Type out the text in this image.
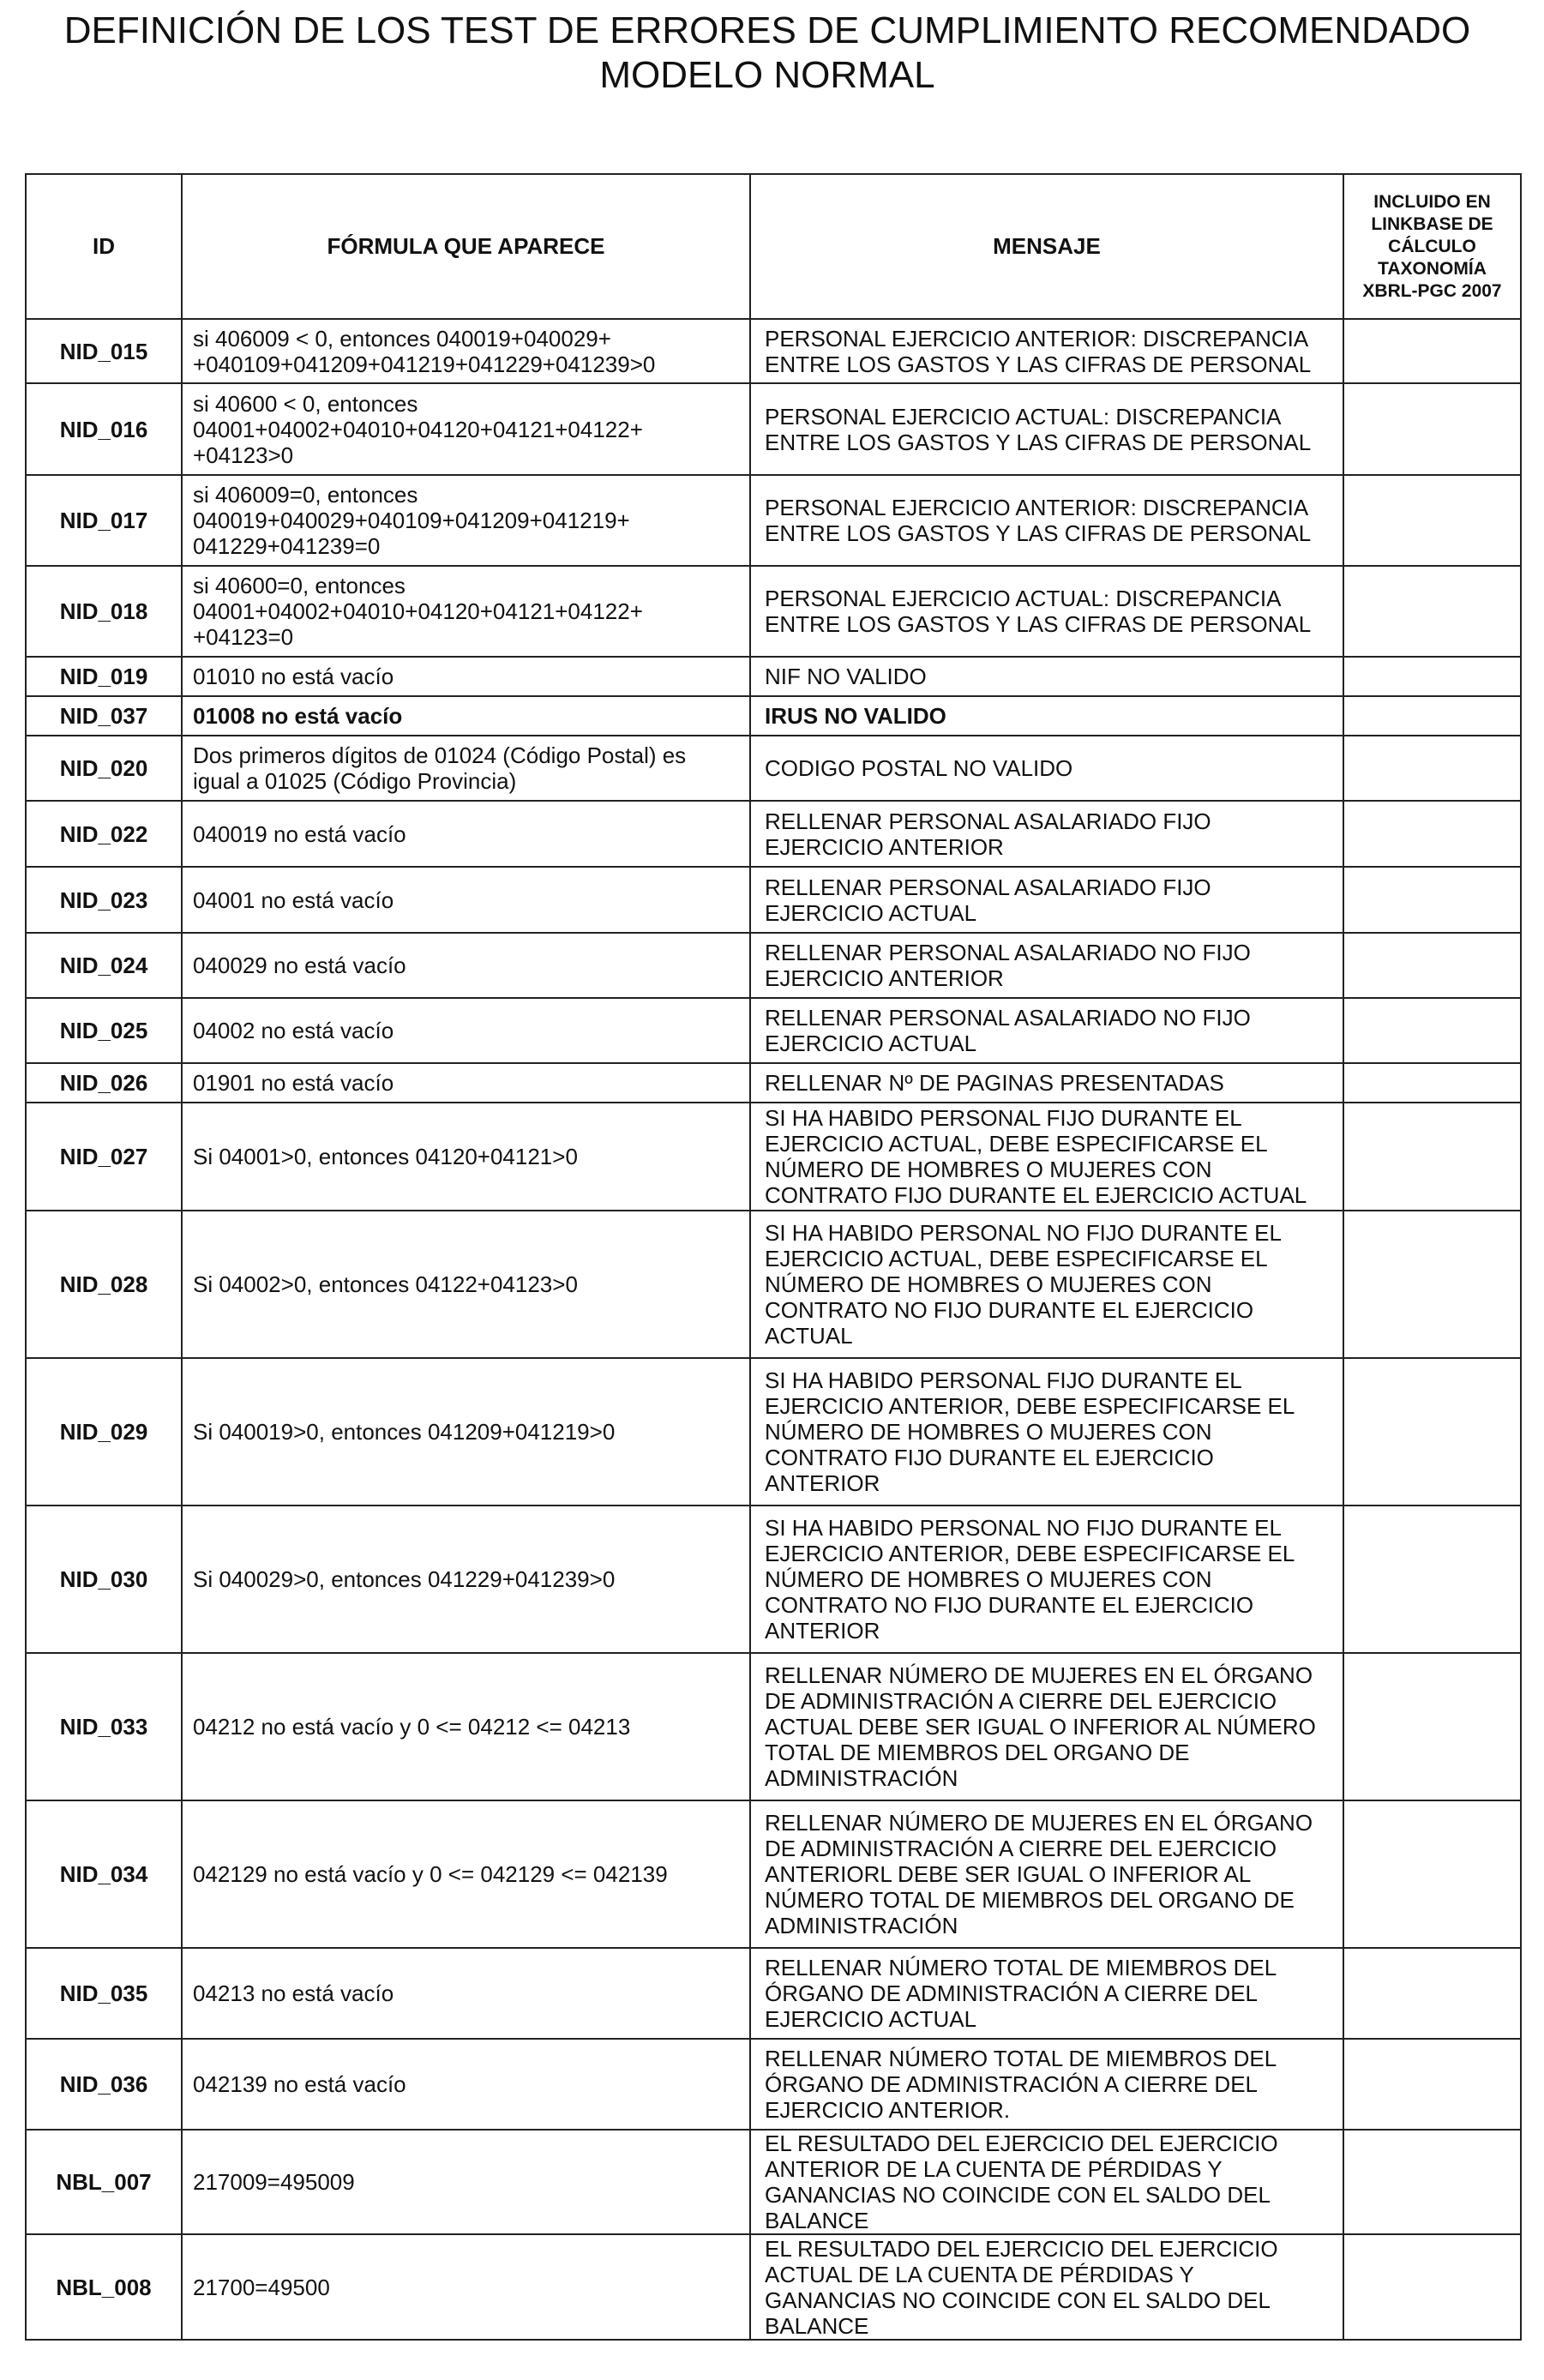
DEFINICIÓN DE LOS TEST DE ERRORES DE CUMPLIMIENTO RECOMENDADO
MODELO NORMAL
ID	FÓRMULA QUE APARECE	MENSAJE	INCLUIDO EN LINKBASE DE CÁLCULO TAXONOMÍA XBRL-PGC 2007

NID_015	si 406009 < 0, entonces 040019+040029+
+040109+041209+041219+041229+041239>0	PERSONAL EJERCICIO ANTERIOR: DISCREPANCIA
ENTRE LOS GASTOS Y LAS CIFRAS DE PERSONAL	

NID_016	si 40600 < 0, entonces
04001+04002+04010+04120+04121+04122+
+04123>0	PERSONAL EJERCICIO ACTUAL: DISCREPANCIA
ENTRE LOS GASTOS Y LAS CIFRAS DE PERSONAL	

NID_017	si 406009=0, entonces
040019+040029+040109+041209+041219+
041229+041239=0	PERSONAL EJERCICIO ANTERIOR: DISCREPANCIA
ENTRE LOS GASTOS Y LAS CIFRAS DE PERSONAL	

NID_018	si 40600=0, entonces
04001+04002+04010+04120+04121+04122+
+04123=0	PERSONAL EJERCICIO ACTUAL: DISCREPANCIA
ENTRE LOS GASTOS Y LAS CIFRAS DE PERSONAL	

NID_019	01010 no está vacío	NIF NO VALIDO	

NID_037	01008 no está vacío	IRUS NO VALIDO	

NID_020	Dos primeros dígitos de 01024 (Código Postal) es
igual a 01025 (Código Provincia)	CODIGO POSTAL NO VALIDO	

NID_022	040019 no está vacío	RELLENAR PERSONAL ASALARIADO FIJO
EJERCICIO ANTERIOR	

NID_023	04001 no está vacío	RELLENAR PERSONAL ASALARIADO FIJO
EJERCICIO ACTUAL	

NID_024	040029 no está vacío	RELLENAR PERSONAL ASALARIADO NO FIJO
EJERCICIO ANTERIOR	

NID_025	04002 no está vacío	RELLENAR PERSONAL ASALARIADO NO FIJO
EJERCICIO ACTUAL	

NID_026	01901 no está vacío	RELLENAR Nº DE PAGINAS PRESENTADAS	

NID_027	Si 04001>0, entonces 04120+04121>0	SI HA HABIDO PERSONAL FIJO DURANTE EL
EJERCICIO ACTUAL, DEBE ESPECIFICARSE EL
NÚMERO DE HOMBRES O MUJERES CON
CONTRATO FIJO DURANTE EL EJERCICIO ACTUAL	

NID_028	Si 04002>0, entonces 04122+04123>0	SI HA HABIDO PERSONAL NO FIJO DURANTE EL
EJERCICIO ACTUAL, DEBE ESPECIFICARSE EL
NÚMERO DE HOMBRES O MUJERES CON
CONTRATO NO FIJO DURANTE EL EJERCICIO
ACTUAL	

NID_029	Si 040019>0, entonces 041209+041219>0	SI HA HABIDO PERSONAL FIJO DURANTE EL
EJERCICIO ANTERIOR, DEBE ESPECIFICARSE EL
NÚMERO DE HOMBRES O MUJERES CON
CONTRATO FIJO DURANTE EL EJERCICIO
ANTERIOR	

NID_030	Si 040029>0, entonces 041229+041239>0	SI HA HABIDO PERSONAL NO FIJO DURANTE EL
EJERCICIO ANTERIOR, DEBE ESPECIFICARSE EL
NÚMERO DE HOMBRES O MUJERES CON
CONTRATO NO FIJO DURANTE EL EJERCICIO
ANTERIOR	

NID_033	04212 no está vacío y 0 <= 04212 <= 04213	RELLENAR NÚMERO DE MUJERES EN EL ÓRGANO
DE ADMINISTRACIÓN A CIERRE DEL EJERCICIO
ACTUAL DEBE SER IGUAL O INFERIOR AL NÚMERO
TOTAL DE MIEMBROS DEL ORGANO DE
ADMINISTRACIÓN	

NID_034	042129 no está vacío y 0 <= 042129 <= 042139	RELLENAR NÚMERO DE MUJERES EN EL ÓRGANO
DE ADMINISTRACIÓN A CIERRE DEL EJERCICIO
ANTERIORL DEBE SER IGUAL O INFERIOR AL
NÚMERO TOTAL DE MIEMBROS DEL ORGANO DE
ADMINISTRACIÓN	

NID_035	04213 no está vacío	RELLENAR NÚMERO TOTAL DE MIEMBROS DEL
ÓRGANO DE ADMINISTRACIÓN A CIERRE DEL
EJERCICIO ACTUAL	

NID_036	042139 no está vacío	RELLENAR NÚMERO TOTAL DE MIEMBROS DEL
ÓRGANO DE ADMINISTRACIÓN A CIERRE DEL
EJERCICIO ANTERIOR.	

NBL_007	217009=495009	EL RESULTADO DEL EJERCICIO DEL EJERCICIO
ANTERIOR DE LA CUENTA DE PÉRDIDAS Y
GANANCIAS NO COINCIDE CON EL SALDO DEL
BALANCE	

NBL_008	21700=49500	EL RESULTADO DEL EJERCICIO DEL EJERCICIO
ACTUAL DE LA CUENTA DE PÉRDIDAS Y
GANANCIAS NO COINCIDE CON EL SALDO DEL
BALANCE	
